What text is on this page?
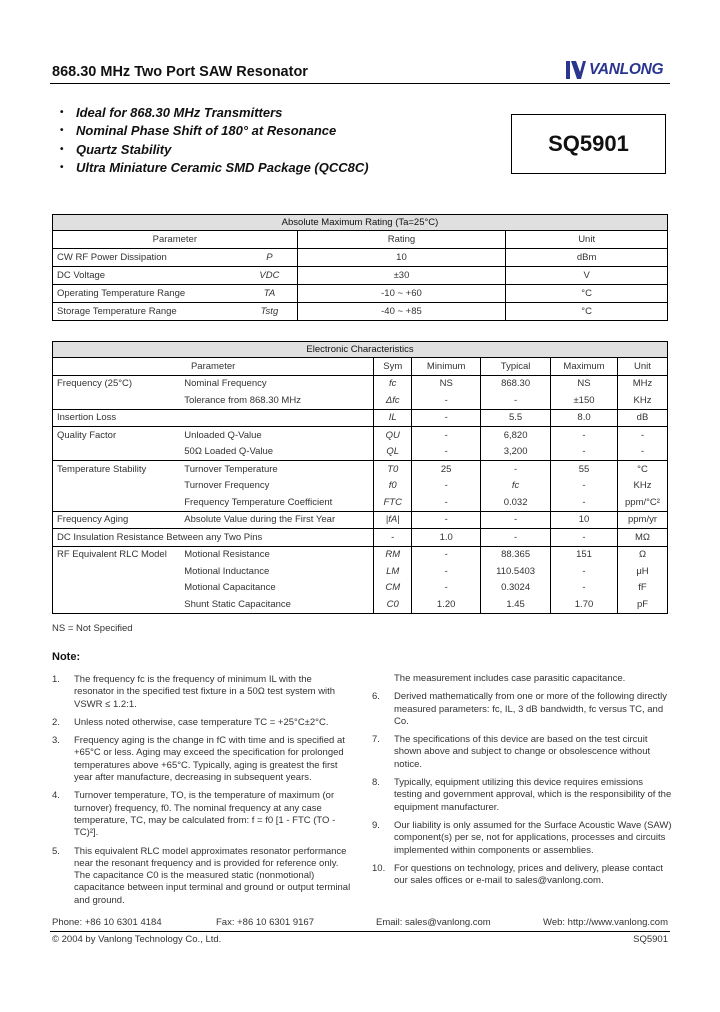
868.30 MHz Two Port SAW Resonator	VANLONG
• Ideal for 868.30 MHz Transmitters
• Nominal Phase Shift of 180° at Resonance
• Quartz Stability
• Ultra Miniature Ceramic SMD Package (QCC8C)
SQ5901
Absolute Maximum Rating (Ta=25°C)			
Parameter		Rating	Unit
CW RF Power Dissipation	P	10	dBm
DC Voltage	VDC	±30	V
Operating Temperature Range	TA	-10 ~ +60	°C
Storage Temperature Range	Tstg	-40 ~ +85	°C
Electronic Characteristics						
Parameter		Sym	Minimum	Typical	Maximum	Unit
Frequency (25°C)	Nominal Frequency	fc	NS	868.30	NS	MHz
	Tolerance from 868.30 MHz	Δfc	-	-	±150	KHz
Insertion Loss		IL	-	5.5	8.0	dB
Quality Factor	Unloaded Q-Value	QU	-	6,820	-	-
	50Ω Loaded Q-Value	QL	-	3,200	-	-
Temperature Stability	Turnover Temperature	T0	25	-	55	°C
	Turnover Frequency	f0	-	fc	-	KHz
	Frequency Temperature Coefficient	FTC	-	0.032	-	ppm/°C²
Frequency Aging	Absolute Value during the First Year	|fA|	-	-	10	ppm/yr
DC Insulation Resistance Between any Two Pins		-	1.0	-	-	MΩ
RF Equivalent RLC Model	Motional Resistance	RM	-	88.365	151	Ω
	Motional Inductance	LM	-	110.5403	-	μH
	Motional Capacitance	CM	-	0.3024	-	fF
	Shunt Static Capacitance	C0	1.20	1.45	1.70	pF
NS = Not Specified
Note:
1.	The frequency fc is the frequency of minimum IL with the resonator in the specified test fixture in a 50Ω test system with VSWR ≤ 1.2:1.
2.	Unless noted otherwise, case temperature TC = +25°C±2°C.
3.	Frequency aging is the change in fC with time and is specified at +65°C or less. Aging may exceed the specification for prolonged temperatures above +65°C. Typically, aging is greatest the first year after manufacture, decreasing in subsequent years.
4.	Turnover temperature, TO, is the temperature of maximum (or turnover) frequency, f0. The nominal frequency at any case temperature, TC, may be calculated from: f = f0 [1 - FTC (TO - TC)²].
5.	This equivalent RLC model approximates resonator performance near the resonant frequency and is provided for reference only. The capacitance C0 is the measured static (nonmotional) capacitance between input terminal and ground or output terminal and ground.
The measurement includes case parasitic capacitance.
6.	Derived mathematically from one or more of the following directly measured parameters: fc, IL, 3 dB bandwidth, fc versus TC, and Co.
7.	The specifications of this device are based on the test circuit shown above and subject to change or obsolescence without notice.
8.	Typically, equipment utilizing this device requires emissions testing and government approval, which is the responsibility of the equipment manufacturer.
9.	Our liability is only assumed for the Surface Acoustic Wave (SAW) component(s) per se, not for applications, processes and circuits implemented within components or assemblies.
10. For questions on technology, prices and delivery, please contact our sales offices or e-mail to sales@vanlong.com.
Phone: +86 10 6301 4184	Fax: +86 10 6301 9167	Email: sales@vanlong.com	Web: http://www.vanlong.com
© 2004 by Vanlong Technology Co., Ltd.	SQ5901
